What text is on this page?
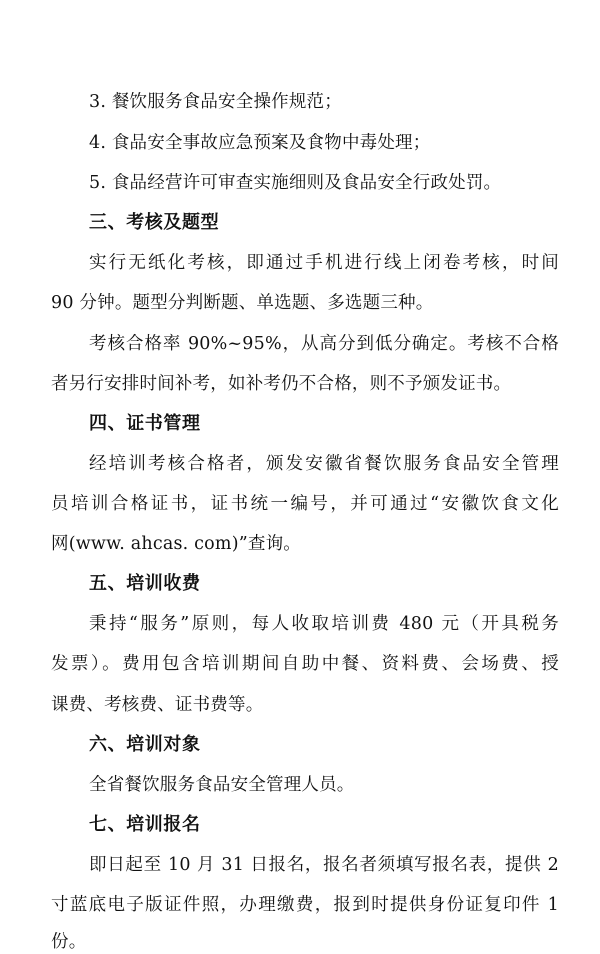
3. 餐饮服务食品安全操作规范；
4. 食品安全事故应急预案及食物中毒处理；
5. 食品经营许可审查实施细则及食品安全行政处罚。
三、考核及题型
实行无纸化考核，即通过手机进行线上闭卷考核，时间
90 分钟。题型分判断题、单选题、多选题三种。
考核合格率 90%~95%，从高分到低分确定。考核不合格
者另行安排时间补考，如补考仍不合格，则不予颁发证书。
四、证书管理
经培训考核合格者，颁发安徽省餐饮服务食品安全管理
员培训合格证书，证书统一编号，并可通过“安徽饮食文化
网(www. ahcas. com)”查询。
五、培训收费
秉持“服务”原则，每人收取培训费 480 元（开具税务
发票）。费用包含培训期间自助中餐、资料费、会场费、授
课费、考核费、证书费等。
六、培训对象
全省餐饮服务食品安全管理人员。
七、培训报名
即日起至 10 月 31 日报名，报名者须填写报名表，提供 2
寸蓝底电子版证件照，办理缴费，报到时提供身份证复印件 1
份。
